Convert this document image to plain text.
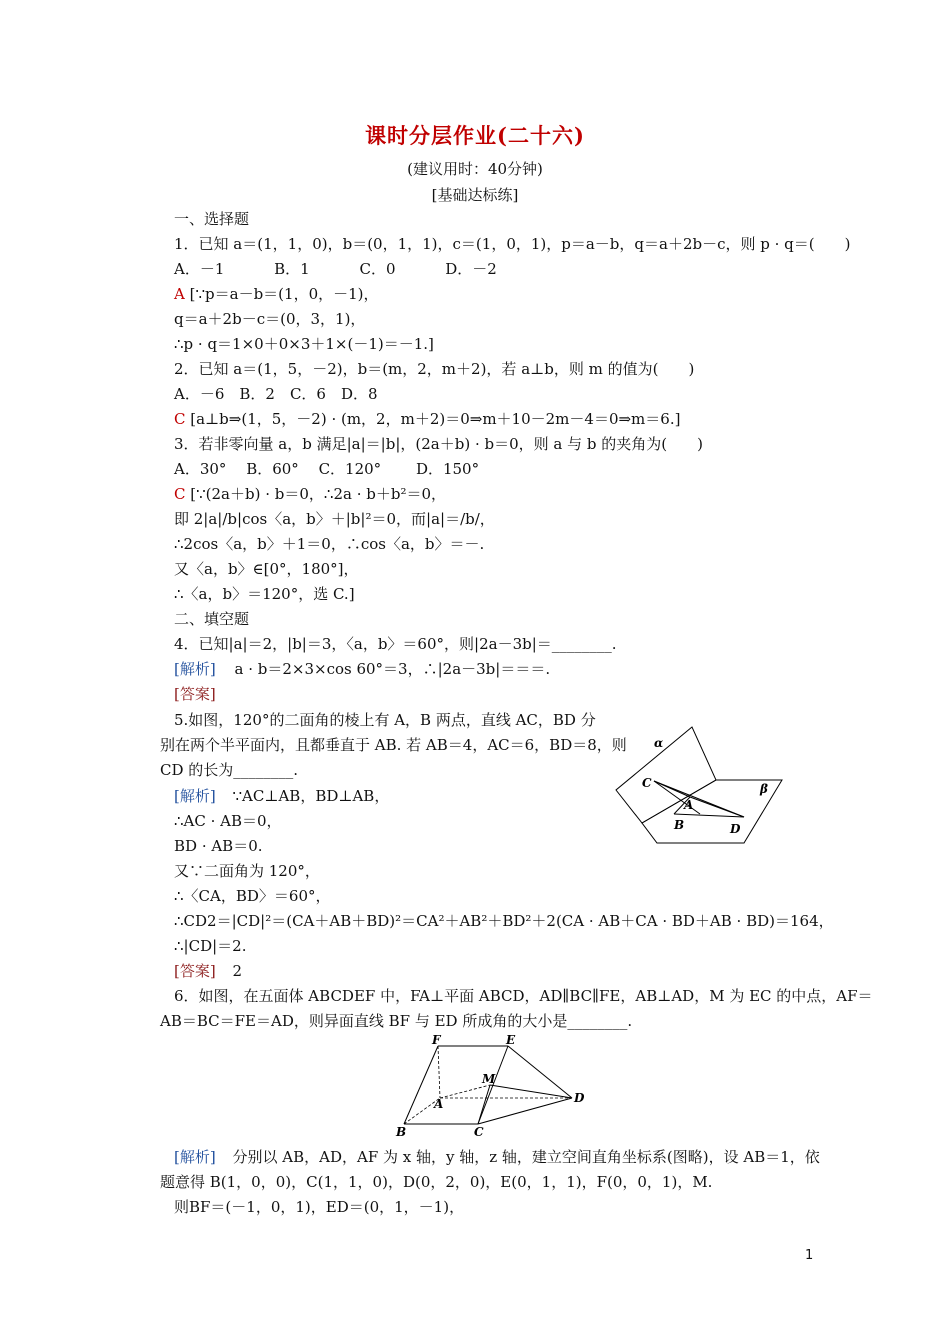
课时分层作业(二十六)
(建议用时：40分钟)
[基础达标练]
一、选择题
1．已知 a＝(1，1，0)，b＝(0，1，1)，c＝(1，0，1)，p＝a－b，q＝a＋2b－c，则 p · q＝(　　)
A．－1　　　 B．1　　　 C．0　　　 D．－2
A [∵p＝a－b＝(1，0，－1)，
q＝a＋2b－c＝(0，3，1)，
∴p · q＝1×0＋0×3＋1×(－1)＝－1.]
2．已知 a＝(1，5，－2)，b＝(m，2，m＋2)，若 a⊥b，则 m 的值为(　　)
A．－6　B．2　C．6　D．8
C [a⊥b⇒(1，5，－2) · (m，2，m＋2)＝0⇒m＋10－2m－4＝0⇒m＝6.]
3．若非零向量 a，b 满足|a|＝|b|，(2a＋b) · b＝0，则 a 与 b 的夹角为(　　)
A．30°　 B．60°　 C．120°　　 D．150°
C [∵(2a＋b) · b＝0，∴2a · b＋b²＝0，
即 2|a|/b|cos〈a，b〉＋|b|²＝0，而|a|＝/b/，
∴2cos〈a，b〉＋1＝0，∴cos〈a，b〉＝－.
又〈a，b〉∈[0°，180°]，
∴〈a，b〉＝120°，选 C.]
二、填空题
4．已知|a|＝2，|b|＝3，〈a，b〉＝60°，则|2a－3b|＝________.
[解析] a · b＝2×3×cos 60°＝3，∴|2a－3b|＝＝＝.
[答案]
5.如图，120°的二面角的棱上有 A，B 两点，直线 AC，BD 分
别在两个半平面内，且都垂直于 AB. 若 AB＝4，AC＝6，BD＝8，则
CD 的长为________.
[解析] ∵AC⊥AB，BD⊥AB，
∴AC · AB＝0，
BD · AB＝0.
又∵二面角为 120°，
∴〈CA，BD〉＝60°，
∴CD2＝|CD|²＝(CA＋AB＋BD)²＝CA²＋AB²＋BD²＋2(CA · AB＋CA · BD＋AB · BD)＝164，
∴|CD|＝2.
[答案] 2
α
β
C
A
B	D
6．如图，在五面体 ABCDEF 中，FA⊥平面 ABCD，AD∥BC∥FE，AB⊥AD，M 为 EC 的中点，AF＝
AB＝BC＝FE＝AD，则异面直线 BF 与 ED 所成角的大小是________.
F	E
M
A	D
B	C
[解析] 分别以 AB，AD，AF 为 x 轴，y 轴，z 轴，建立空间直角坐标系(图略)，设 AB＝1，依
题意得 B(1，0，0)，C(1，1，0)，D(0，2，0)，E(0，1，1)，F(0，0，1)，M.
则BF＝(－1，0，1)，ED＝(0，1，－1)，
1
